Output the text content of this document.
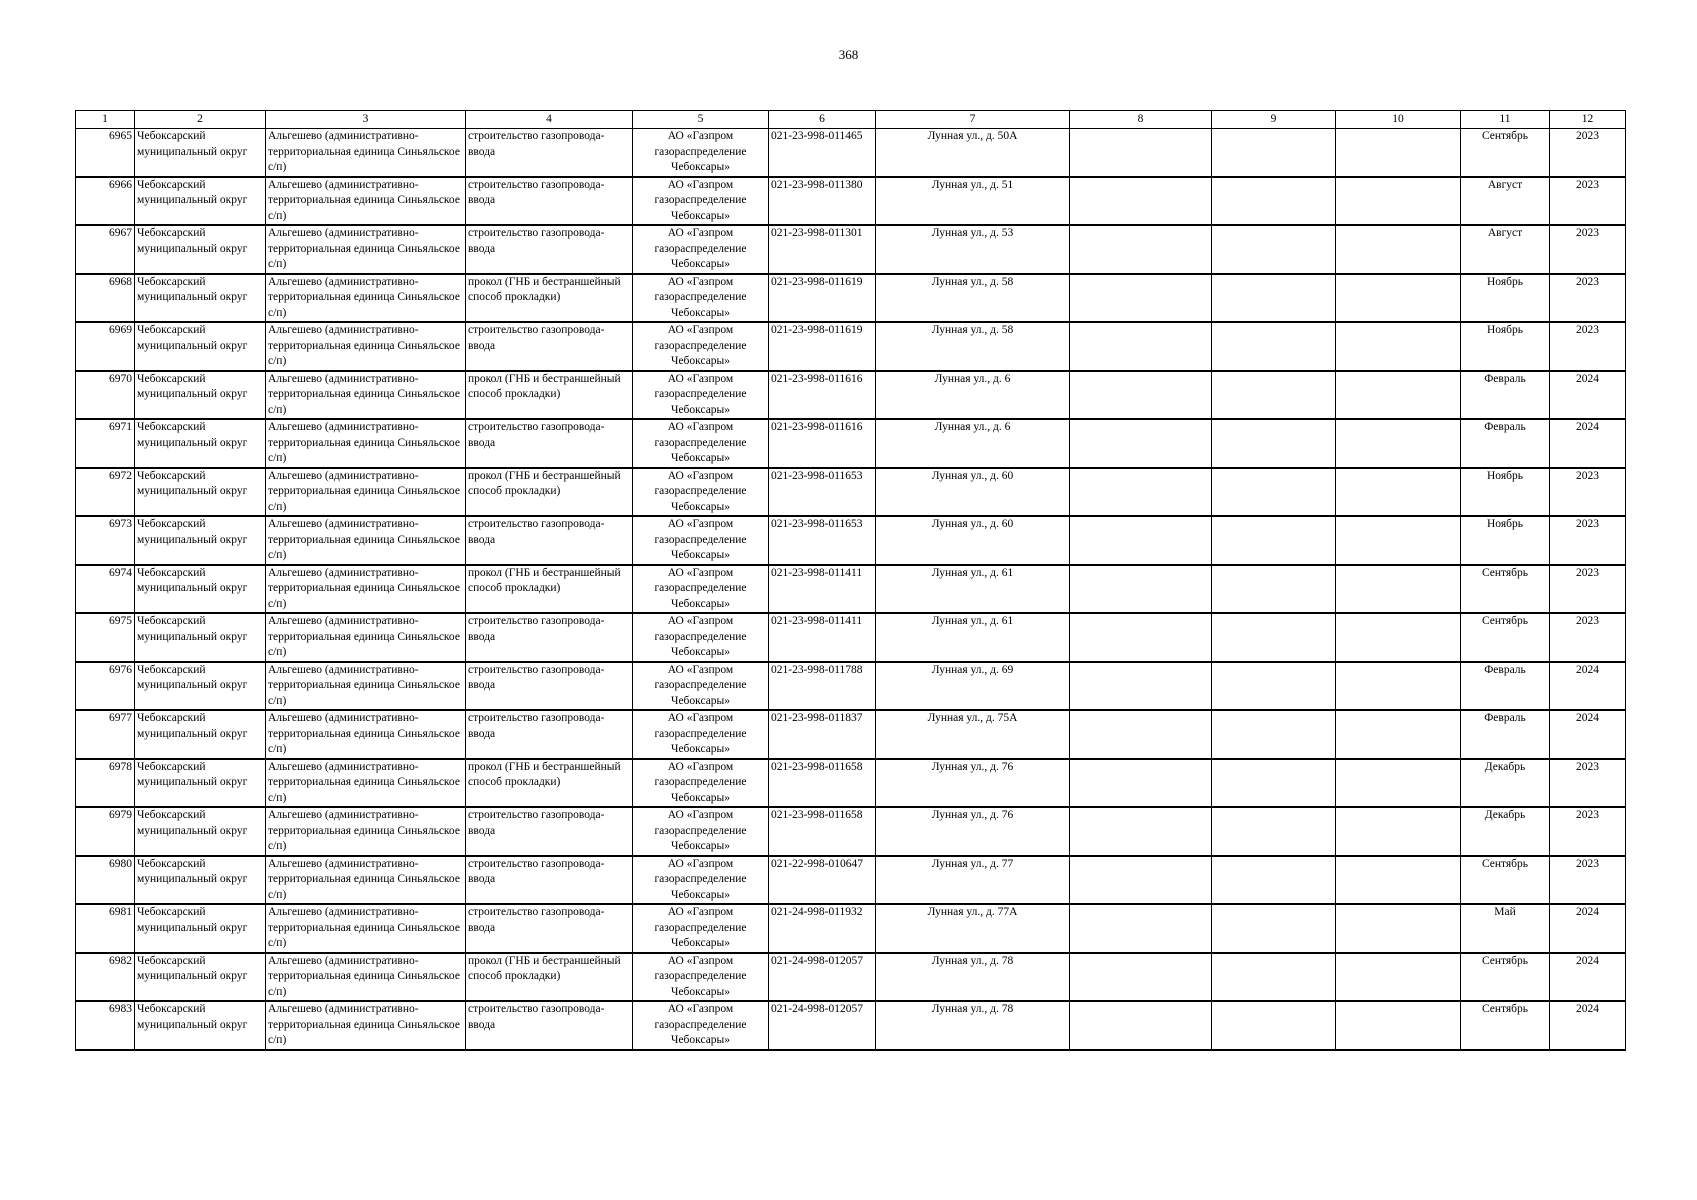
368
1	2	3	4	5	6	7	8	9	10	11	12
6965	Чебоксарский муниципальный округ	Альгешево (административно-территориальная единица Синьяльское с/п)	строительство газопровода-ввода	АО «Газпром газораспределение Чебоксары»	021-23-998-011465	Лунная ул., д. 50А				Сентябрь	2023
6966	Чебоксарский муниципальный округ	Альгешево (административно-территориальная единица Синьяльское с/п)	строительство газопровода-ввода	АО «Газпром газораспределение Чебоксары»	021-23-998-011380	Лунная ул., д. 51				Август	2023
6967	Чебоксарский муниципальный округ	Альгешево (административно-территориальная единица Синьяльское с/п)	строительство газопровода-ввода	АО «Газпром газораспределение Чебоксары»	021-23-998-011301	Лунная ул., д. 53				Август	2023
6968	Чебоксарский муниципальный округ	Альгешево (административно-территориальная единица Синьяльское с/п)	прокол (ГНБ и бестраншейный способ прокладки)	АО «Газпром газораспределение Чебоксары»	021-23-998-011619	Лунная ул., д. 58				Ноябрь	2023
6969	Чебоксарский муниципальный округ	Альгешево (административно-территориальная единица Синьяльское с/п)	строительство газопровода-ввода	АО «Газпром газораспределение Чебоксары»	021-23-998-011619	Лунная ул., д. 58				Ноябрь	2023
6970	Чебоксарский муниципальный округ	Альгешево (административно-территориальная единица Синьяльское с/п)	прокол (ГНБ и бестраншейный способ прокладки)	АО «Газпром газораспределение Чебоксары»	021-23-998-011616	Лунная ул., д. 6				Февраль	2024
6971	Чебоксарский муниципальный округ	Альгешево (административно-территориальная единица Синьяльское с/п)	строительство газопровода-ввода	АО «Газпром газораспределение Чебоксары»	021-23-998-011616	Лунная ул., д. 6				Февраль	2024
6972	Чебоксарский муниципальный округ	Альгешево (административно-территориальная единица Синьяльское с/п)	прокол (ГНБ и бестраншейный способ прокладки)	АО «Газпром газораспределение Чебоксары»	021-23-998-011653	Лунная ул., д. 60				Ноябрь	2023
6973	Чебоксарский муниципальный округ	Альгешево (административно-территориальная единица Синьяльское с/п)	строительство газопровода-ввода	АО «Газпром газораспределение Чебоксары»	021-23-998-011653	Лунная ул., д. 60				Ноябрь	2023
6974	Чебоксарский муниципальный округ	Альгешево (административно-территориальная единица Синьяльское с/п)	прокол (ГНБ и бестраншейный способ прокладки)	АО «Газпром газораспределение Чебоксары»	021-23-998-011411	Лунная ул., д. 61				Сентябрь	2023
6975	Чебоксарский муниципальный округ	Альгешево (административно-территориальная единица Синьяльское с/п)	строительство газопровода-ввода	АО «Газпром газораспределение Чебоксары»	021-23-998-011411	Лунная ул., д. 61				Сентябрь	2023
6976	Чебоксарский муниципальный округ	Альгешево (административно-территориальная единица Синьяльское с/п)	строительство газопровода-ввода	АО «Газпром газораспределение Чебоксары»	021-23-998-011788	Лунная ул., д. 69				Февраль	2024
6977	Чебоксарский муниципальный округ	Альгешево (административно-территориальная единица Синьяльское с/п)	строительство газопровода-ввода	АО «Газпром газораспределение Чебоксары»	021-23-998-011837	Лунная ул., д. 75А				Февраль	2024
6978	Чебоксарский муниципальный округ	Альгешево (административно-территориальная единица Синьяльское с/п)	прокол (ГНБ и бестраншейный способ прокладки)	АО «Газпром газораспределение Чебоксары»	021-23-998-011658	Лунная ул., д. 76				Декабрь	2023
6979	Чебоксарский муниципальный округ	Альгешево (административно-территориальная единица Синьяльское с/п)	строительство газопровода-ввода	АО «Газпром газораспределение Чебоксары»	021-23-998-011658	Лунная ул., д. 76				Декабрь	2023
6980	Чебоксарский муниципальный округ	Альгешево (административно-территориальная единица Синьяльское с/п)	строительство газопровода-ввода	АО «Газпром газораспределение Чебоксары»	021-22-998-010647	Лунная ул., д. 77				Сентябрь	2023
6981	Чебоксарский муниципальный округ	Альгешево (административно-территориальная единица Синьяльское с/п)	строительство газопровода-ввода	АО «Газпром газораспределение Чебоксары»	021-24-998-011932	Лунная ул., д. 77А				Май	2024
6982	Чебоксарский муниципальный округ	Альгешево (административно-территориальная единица Синьяльское с/п)	прокол (ГНБ и бестраншейный способ прокладки)	АО «Газпром газораспределение Чебоксары»	021-24-998-012057	Лунная ул., д. 78				Сентябрь	2024
6983	Чебоксарский муниципальный округ	Альгешево (административно-территориальная единица Синьяльское с/п)	строительство газопровода-ввода	АО «Газпром газораспределение Чебоксары»	021-24-998-012057	Лунная ул., д. 78				Сентябрь	2024
